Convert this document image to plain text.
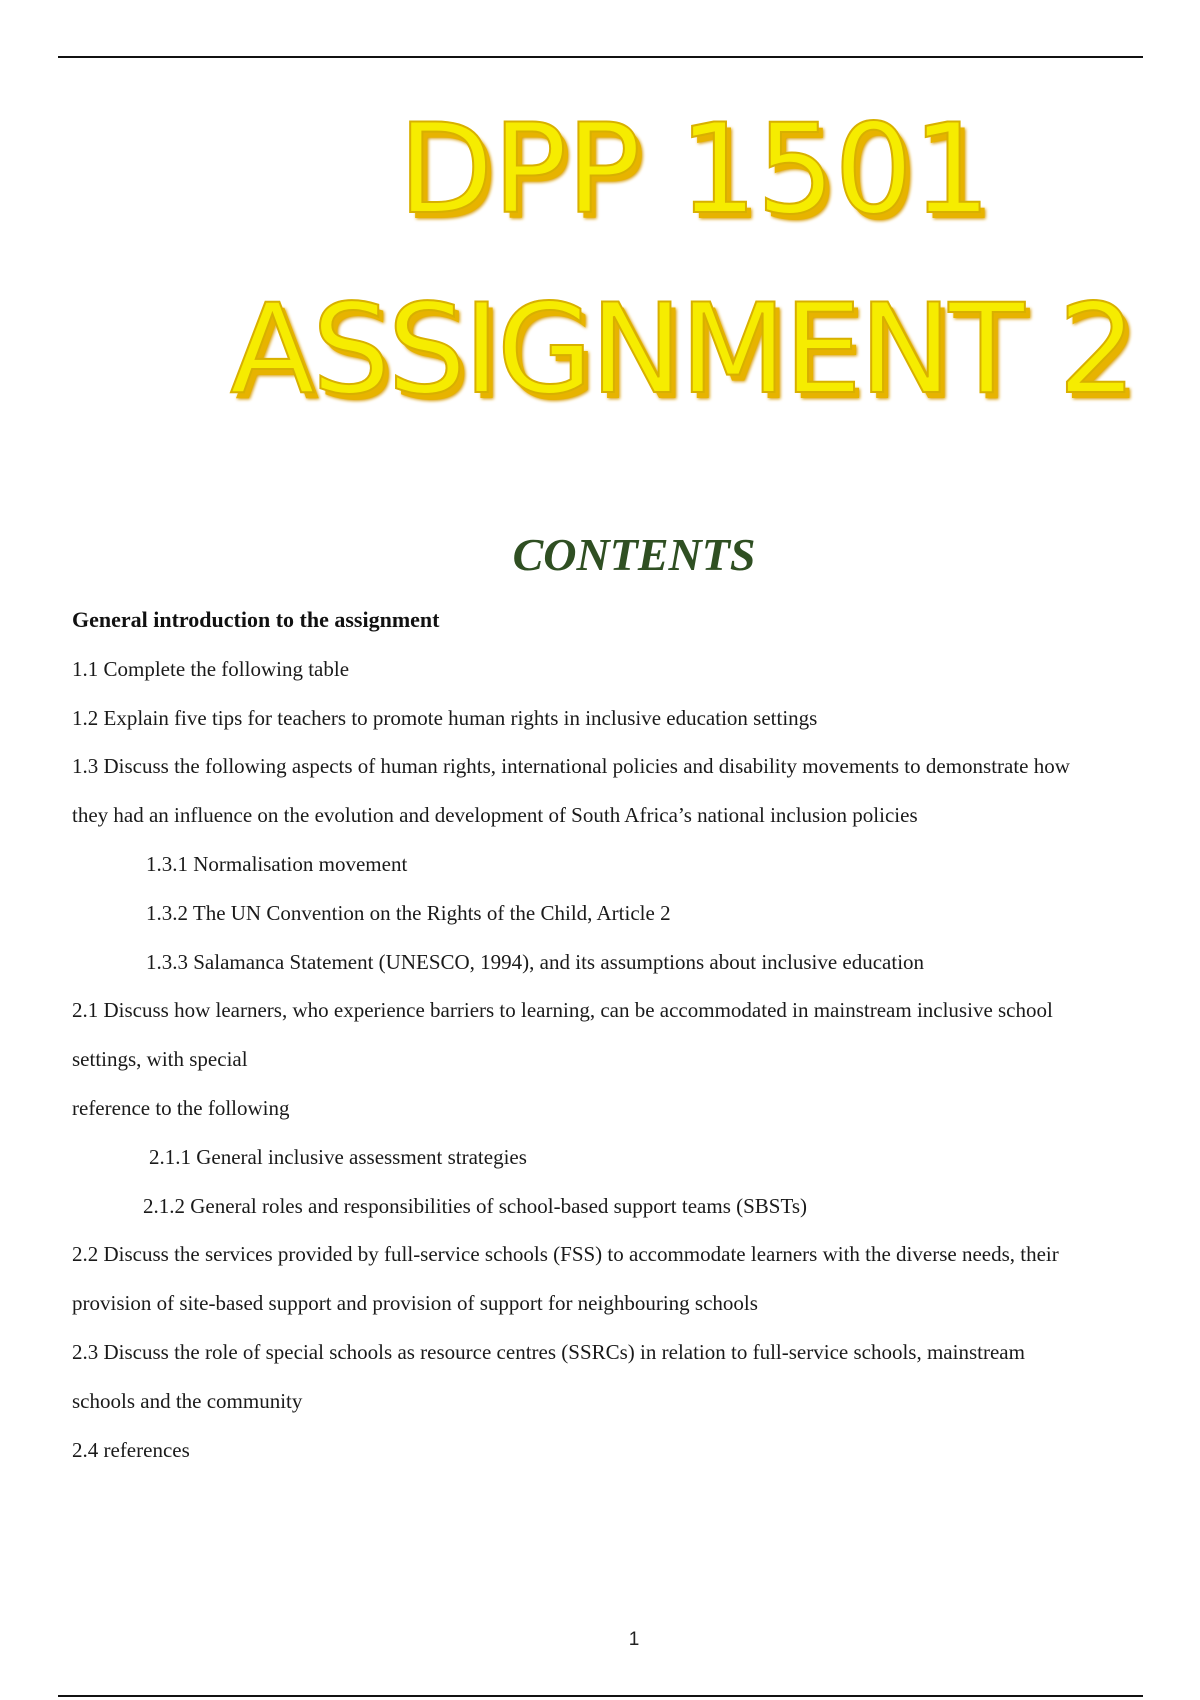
DPP 1501
ASSIGNMENT 2
CONTENTS
General introduction to the assignment
1.1 Complete the following table
1.2 Explain five tips for teachers to promote human rights in inclusive education settings
1.3 Discuss the following aspects of human rights, international policies and disability movements to demonstrate how
they had an influence on the evolution and development of South Africa’s national inclusion policies
1.3.1 Normalisation movement
1.3.2 The UN Convention on the Rights of the Child, Article 2
1.3.3 Salamanca Statement (UNESCO, 1994), and its assumptions about inclusive education
2.1 Discuss how learners, who experience barriers to learning, can be accommodated in mainstream inclusive school
settings, with special
reference to the following
2.1.1 General inclusive assessment strategies
2.1.2 General roles and responsibilities of school-based support teams (SBSTs)
2.2 Discuss the services provided by full-service schools (FSS) to accommodate learners with the diverse needs, their
provision of site-based support and provision of support for neighbouring schools
2.3 Discuss the role of special schools as resource centres (SSRCs) in relation to full-service schools, mainstream
schools and the community
2.4 references
1
